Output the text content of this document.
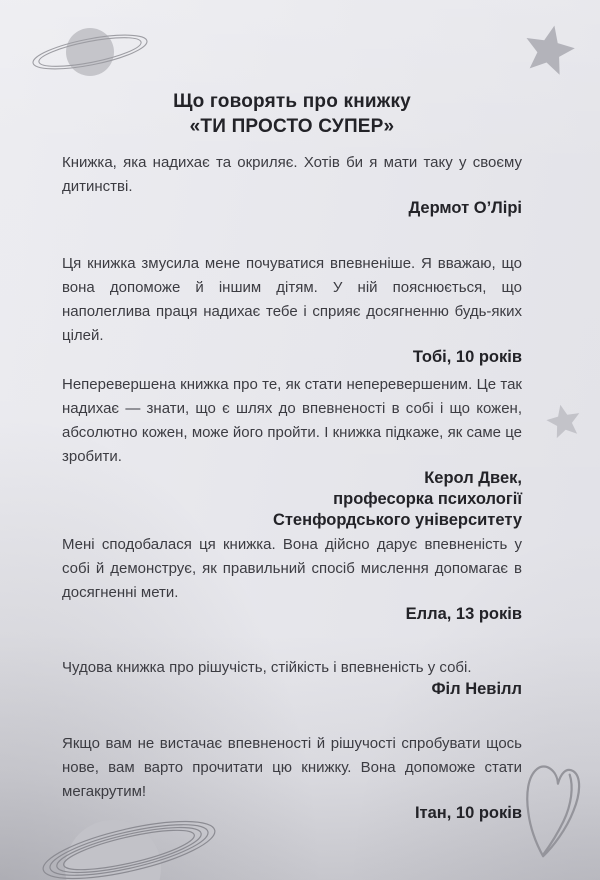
Що говорять про книжку
«ТИ ПРОСТО СУПЕР»

Книжка, яка надихає та окриляє. Хотів би я мати таку у своєму дитинстві.

Дермот О’Лірі

Ця книжка змусила мене почуватися впевненіше. Я вважаю, що вона допоможе й іншим дітям. У ній пояснюється, що наполеглива праця надихає тебе і сприяє досягненню будь-яких цілей.

Тобі, 10 років

Неперевершена книжка про те, як стати неперевершеним. Це так надихає — знати, що є шлях до впевненості в собі і що кожен, абсолютно кожен, може його пройти. І книжка підкаже, як саме це зробити.

Керол Двек,
професорка психології
Стенфордського університету

Мені сподобалася ця книжка. Вона дійсно дарує впевненість у собі й демонструє, як правильний спосіб мислення допомагає в досягненні мети.

Елла, 13 років

Чудова книжка про рішучість, стійкість і впевненість у собі.

Філ Невілл

Якщо вам не вистачає впевненості й рішучості спробувати щось нове, вам варто прочитати цю книжку. Вона допоможе стати мегакрутим!

Ітан, 10 років
